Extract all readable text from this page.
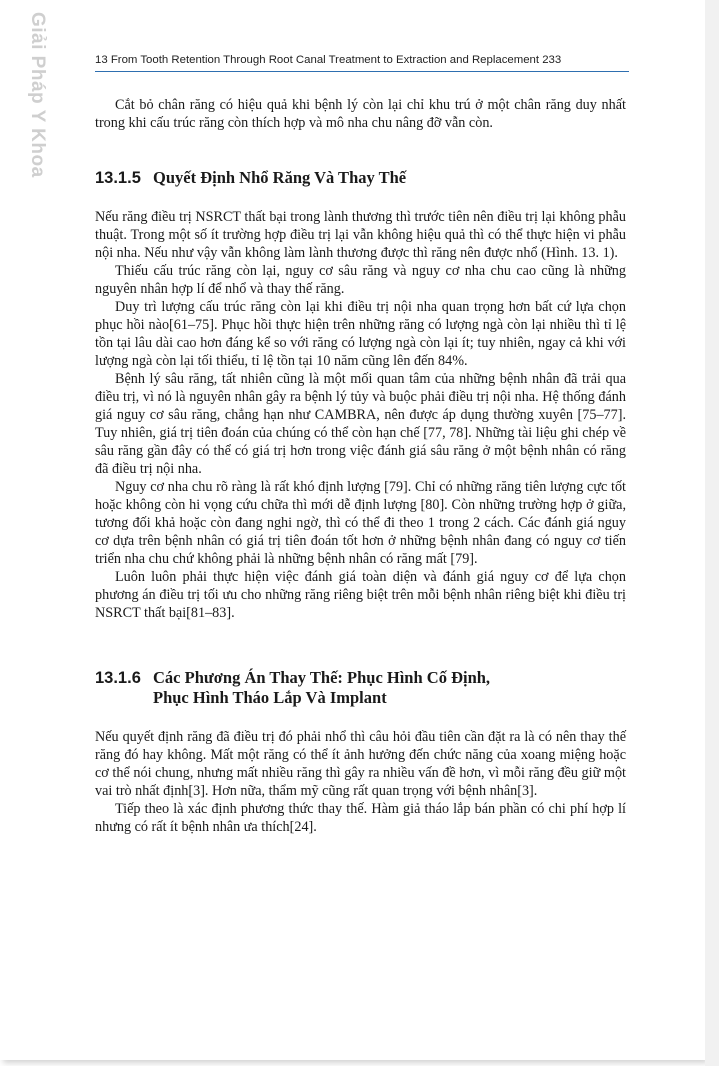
Giải Pháp Y Khoa	13 From Tooth Retention Through Root Canal Treatment to Extraction and Replacement 233

Cắt bỏ chân răng có hiệu quả khi bệnh lý còn lại chỉ khu trú ở một chân răng duy nhất trong khi cấu trúc răng còn thích hợp và mô nha chu nâng đỡ vẫn còn.

13.1.5 Quyết Định Nhổ Răng Và Thay Thế

Nếu răng điều trị NSRCT thất bại trong lành thương thì trước tiên nên điều trị lại không phẫu thuật. Trong một số ít trường hợp điều trị lại vẫn không hiệu quả thì có thể thực hiện vi phẫu nội nha. Nếu như vậy vẫn không làm lành thương được thì răng nên được nhổ (Hình. 13. 1).

Thiếu cấu trúc răng còn lại, nguy cơ sâu răng và nguy cơ nha chu cao cũng là những nguyên nhân hợp lí để nhổ và thay thế răng.

Duy trì lượng cấu trúc răng còn lại khi điều trị nội nha quan trọng hơn bất cứ lựa chọn phục hồi nào[61–75]. Phục hồi thực hiện trên những răng có lượng ngà còn lại nhiều thì tỉ lệ tồn tại lâu dài cao hơn đáng kể so với răng có lượng ngà còn lại ít; tuy nhiên, ngay cả khi với lượng ngà còn lại tối thiểu, tỉ lệ tồn tại 10 năm cũng lên đến 84%.

Bệnh lý sâu răng, tất nhiên cũng là một mối quan tâm của những bệnh nhân đã trải qua điều trị, vì nó là nguyên nhân gây ra bệnh lý tủy và buộc phải điều trị nội nha. Hệ thống đánh giá nguy cơ sâu răng, chẳng hạn như CAMBRA, nên được áp dụng thường xuyên [75–77]. Tuy nhiên, giá trị tiên đoán của chúng có thể còn hạn chế [77, 78]. Những tài liệu ghi chép về sâu răng gần đây có thể có giá trị hơn trong việc đánh giá sâu răng ở một bệnh nhân có răng đã điều trị nội nha.

Nguy cơ nha chu rõ ràng là rất khó định lượng [79]. Chỉ có những răng tiên lượng cực tốt hoặc không còn hi vọng cứu chữa thì mới dễ định lượng [80]. Còn những trường hợp ở giữa, tương đối khả hoặc còn đang nghi ngờ, thì có thể đi theo 1 trong 2 cách. Các đánh giá nguy cơ dựa trên bệnh nhân có giá trị tiên đoán tốt hơn ở những bệnh nhân đang có nguy cơ tiến triển nha chu chứ không phải là những bệnh nhân có răng mất [79].

Luôn luôn phải thực hiện việc đánh giá toàn diện và đánh giá nguy cơ để lựa chọn phương án điều trị tối ưu cho những răng riêng biệt trên mỗi bệnh nhân riêng biệt khi điều trị NSRCT thất bại[81–83].

13.1.6 Các Phương Án Thay Thế: Phục Hình Cố Định,
Phục Hình Tháo Lắp Và Implant

Nếu quyết định răng đã điều trị đó phải nhổ thì câu hỏi đầu tiên cần đặt ra là có nên thay thế răng đó hay không. Mất một răng có thể ít ảnh hưởng đến chức năng của xoang miệng hoặc cơ thể nói chung, nhưng mất nhiều răng thì gây ra nhiều vấn đề hơn, vì mỗi răng đều giữ một vai trò nhất định[3]. Hơn nữa, thẩm mỹ cũng rất quan trọng với bệnh nhân[3].

Tiếp theo là xác định phương thức thay thế. Hàm giả tháo lắp bán phần có chi phí hợp lí nhưng có rất ít bệnh nhân ưa thích[24].
